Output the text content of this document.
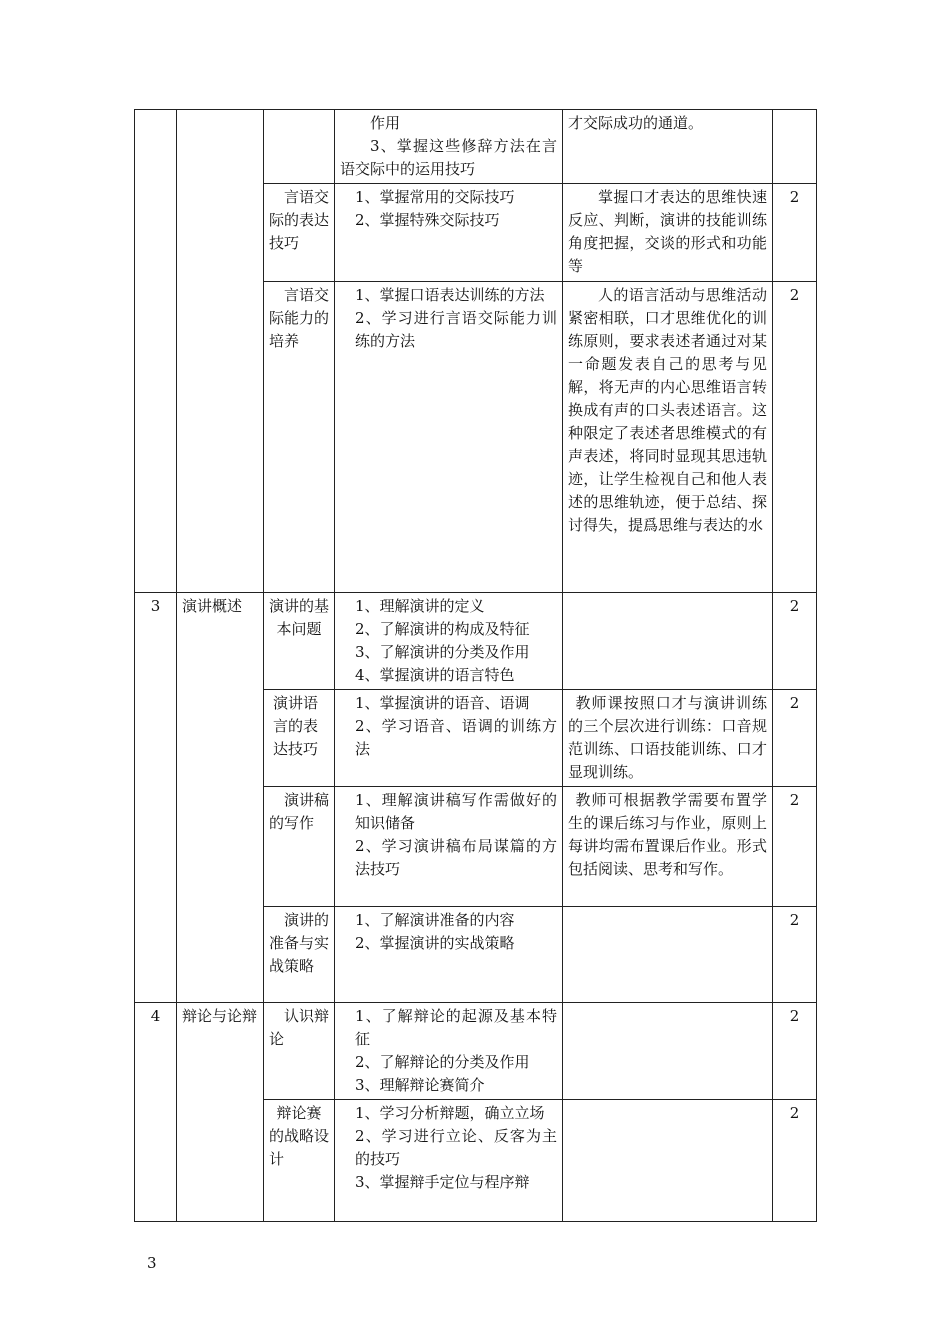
			作用
3、掌握这些修辞方法在言语交际中的运用技巧	才交际成功的通道。	

		言语交际的表达技巧	1、掌握常用的交际技巧
2、掌握特殊交际技巧	掌握口才表达的思维快速反应、判断，演讲的技能训练角度把握，交谈的形式和功能等	2

		言语交际能力的培养	1、掌握口语表达训练的方法
2、学习进行言语交际能力训练的方法	人的语言活动与思维活动紧密相联，口才思维优化的训练原则，要求表述者通过对某一命题发表自己的思考与见解，将无声的内心思维语言转换成有声的口头表述语言。这种限定了表述者思维模式的有声表述，将同时显现其思违轨迹，让学生检视自己和他人表述的思维轨迹，便于总结、探讨得失，提爲思维与表达的水	2
3	演讲概述	演讲的基本问题	1、理解演讲的定义
2、了解演讲的构成及特征
3、了解演讲的分类及作用
4、掌握演讲的语言特色		2

		演讲语言的表达技巧	1、掌握演讲的语音、语调
2、学习语音、语调的训练方法	教师课按照口才与演讲训练的三个层次进行训练：口音规范训练、口语技能训练、口才显现训练。	2

		演讲稿的写作	1、理解演讲稿写作需做好的知识储备
2、学习演讲稿布局谋篇的方法技巧	教师可根据教学需要布置学生的课后练习与作业，原则上每讲均需布置课后作业。形式包括阅读、思考和写作。	2

		演讲的准备与实战策略	1、了解演讲准备的内容
2、掌握演讲的实战策略		2
4	辩论与论辩	认识辩论	1、了解辩论的起源及基本特征
2、了解辩论的分类及作用
3、理解辩论赛简介		2

		辩论赛的战略设计	1、学习分析辩题，确立立场
2、学习进行立论、反客为主的技巧
3、掌握辩手定位与程序辩		2
3
